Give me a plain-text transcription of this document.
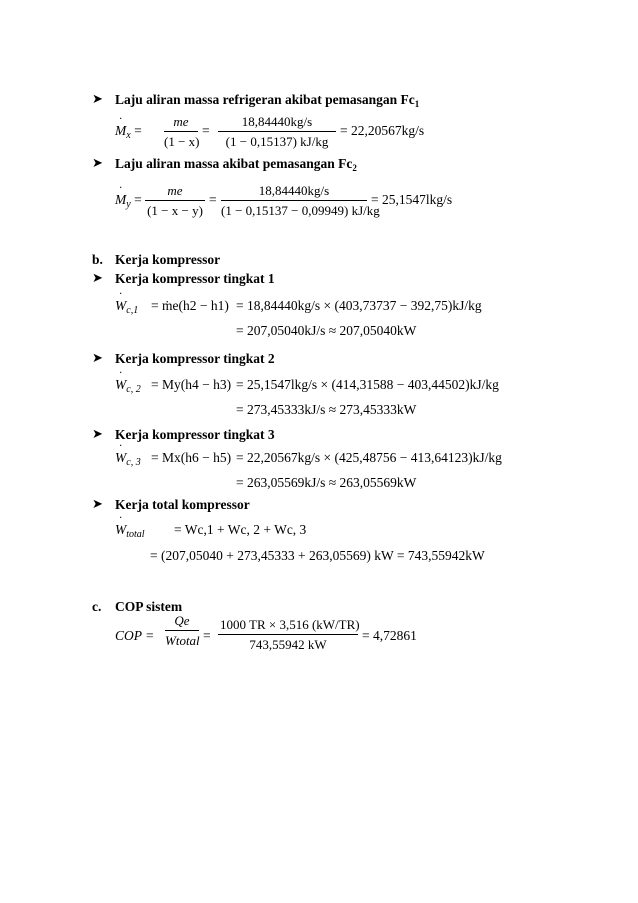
➤ Laju aliran massa refrigeran akibat pemasangan $Fc_1$
˙ $M_x = \frac{me}{(1 - x)} = \frac{18,84440kg/s}{(1 - 0,15137) kJ/kg} = 22,20567kg/s$
➤ Laju aliran massa akibat pemasangan $Fc_2$
˙ $M_y = \frac{me}{(1 - x - y)} = \frac{18,84440kg/s}{(1 - 0,15137 - 0,09949) kJ/kg} = 25,1547lkg/s$
b. Kerja kompressor
➤ Kerja kompressor tingkat 1
˙ $W_{c,1}$ = ṁe(h2 − h1) = 18,84440kg/s × (403,73737 − 392,75)kJ/kg
= 207,05040kJ/s ≈ 207,05040kW
➤ Kerja kompressor tingkat 2
˙ $W_{c, 2} = My(h4 - h3) = 25,1547lkg/s \times (414,31588 - 403,44502)kJ/kg$
= 273,45333kJ/s ≈ 273,45333kW
➤ Kerja kompressor tingkat 3
˙ $W_{c, 3} = Mx(h6 - h5) = 22,20567kg/s \times (425,48756 - 413,64123)kJ/kg$
= 263,05569kJ/s ≈ 263,05569kW
➤ Kerja total kompressor
˙ $W_{total} = Wc,1 + Wc$, 2 + Wc, 3
= (207,05040 + 273,45333 + 263,05569) kW = 743,55942kW
c. COP sistem
COP =
Qe
Wtotal = $\frac{1000 TR \times 3,516 (kW/TR)}{743,55942 kW} = 4,72861$
